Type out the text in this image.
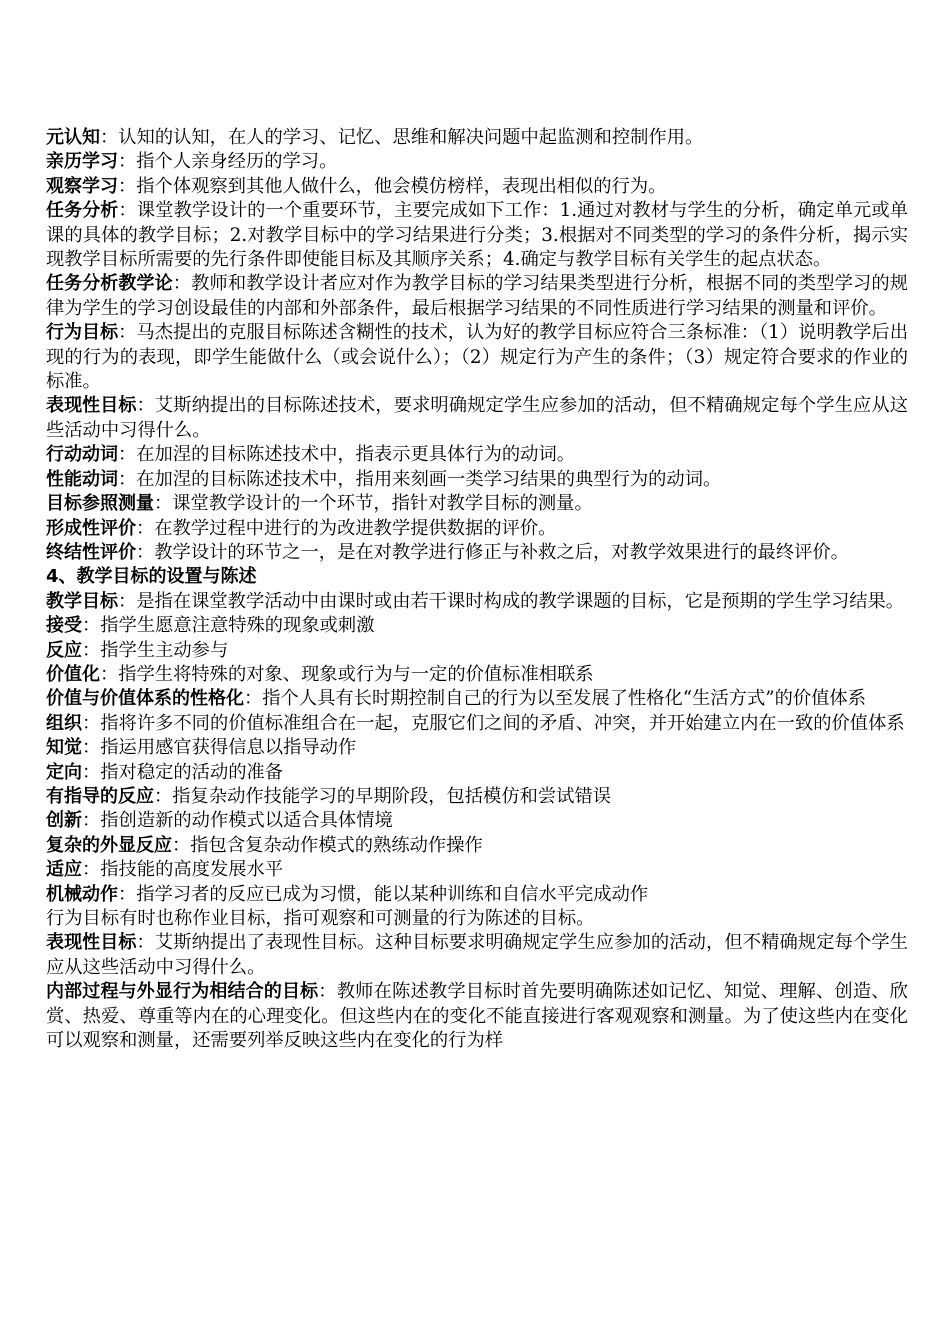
元认知：认知的认知，在人的学习、记忆、思维和解决问题中起监测和控制作用。

亲历学习：指个人亲身经历的学习。

观察学习：指个体观察到其他人做什么，他会模仿榜样，表现出相似的行为。

任务分析：课堂教学设计的一个重要环节，主要完成如下工作：1.通过对教材与学生的分析，确定单元或单课的具体的教学目标；2.对教学目标中的学习结果进行分类；3.根据对不同类型的学习的条件分析，揭示实现教学目标所需要的先行条件即使能目标及其顺序关系；4.确定与教学目标有关学生的起点状态。

任务分析教学论：教师和教学设计者应对作为教学目标的学习结果类型进行分析，根据不同的类型学习的规律为学生的学习创设最佳的内部和外部条件，最后根据学习结果的不同性质进行学习结果的测量和评价。

行为目标：马杰提出的克服目标陈述含糊性的技术，认为好的教学目标应符合三条标准：（1）说明教学后出现的行为的表现，即学生能做什么（或会说什么）；（2）规定行为产生的条件；（3）规定符合要求的作业的标准。

表现性目标：艾斯纳提出的目标陈述技术，要求明确规定学生应参加的活动，但不精确规定每个学生应从这些活动中习得什么。

行动动词：在加涅的目标陈述技术中，指表示更具体行为的动词。

性能动词：在加涅的目标陈述技术中，指用来刻画一类学习结果的典型行为的动词。

目标参照测量：课堂教学设计的一个环节，指针对教学目标的测量。

形成性评价：在教学过程中进行的为改进教学提供数据的评价。

终结性评价：教学设计的环节之一，是在对教学进行修正与补救之后，对教学效果进行的最终评价。

4、教学目标的设置与陈述

教学目标：是指在课堂教学活动中由课时或由若干课时构成的教学课题的目标，它是预期的学生学习结果。

接受：指学生愿意注意特殊的现象或刺激

反应：指学生主动参与

价值化：指学生将特殊的对象、现象或行为与一定的价值标准相联系

价值与价值体系的性格化：指个人具有长时期控制自己的行为以至发展了性格化“生活方式”的价值体系

组织：指将许多不同的价值标准组合在一起，克服它们之间的矛盾、冲突，并开始建立内在一致的价值体系

知觉：指运用感官获得信息以指导动作

定向：指对稳定的活动的准备

有指导的反应：指复杂动作技能学习的早期阶段，包括模仿和尝试错误

创新：指创造新的动作模式以适合具体情境

复杂的外显反应：指包含复杂动作模式的熟练动作操作

适应：指技能的高度发展水平

机械动作：指学习者的反应已成为习惯，能以某种训练和自信水平完成动作

行为目标有时也称作业目标，指可观察和可测量的行为陈述的目标。

表现性目标：艾斯纳提出了表现性目标。这种目标要求明确规定学生应参加的活动，但不精确规定每个学生应从这些活动中习得什么。

内部过程与外显行为相结合的目标：教师在陈述教学目标时首先要明确陈述如记忆、知觉、理解、创造、欣赏、热爱、尊重等内在的心理变化。但这些内在的变化不能直接进行客观观察和测量。为了使这些内在变化可以观察和测量，还需要列举反映这些内在变化的行为样
